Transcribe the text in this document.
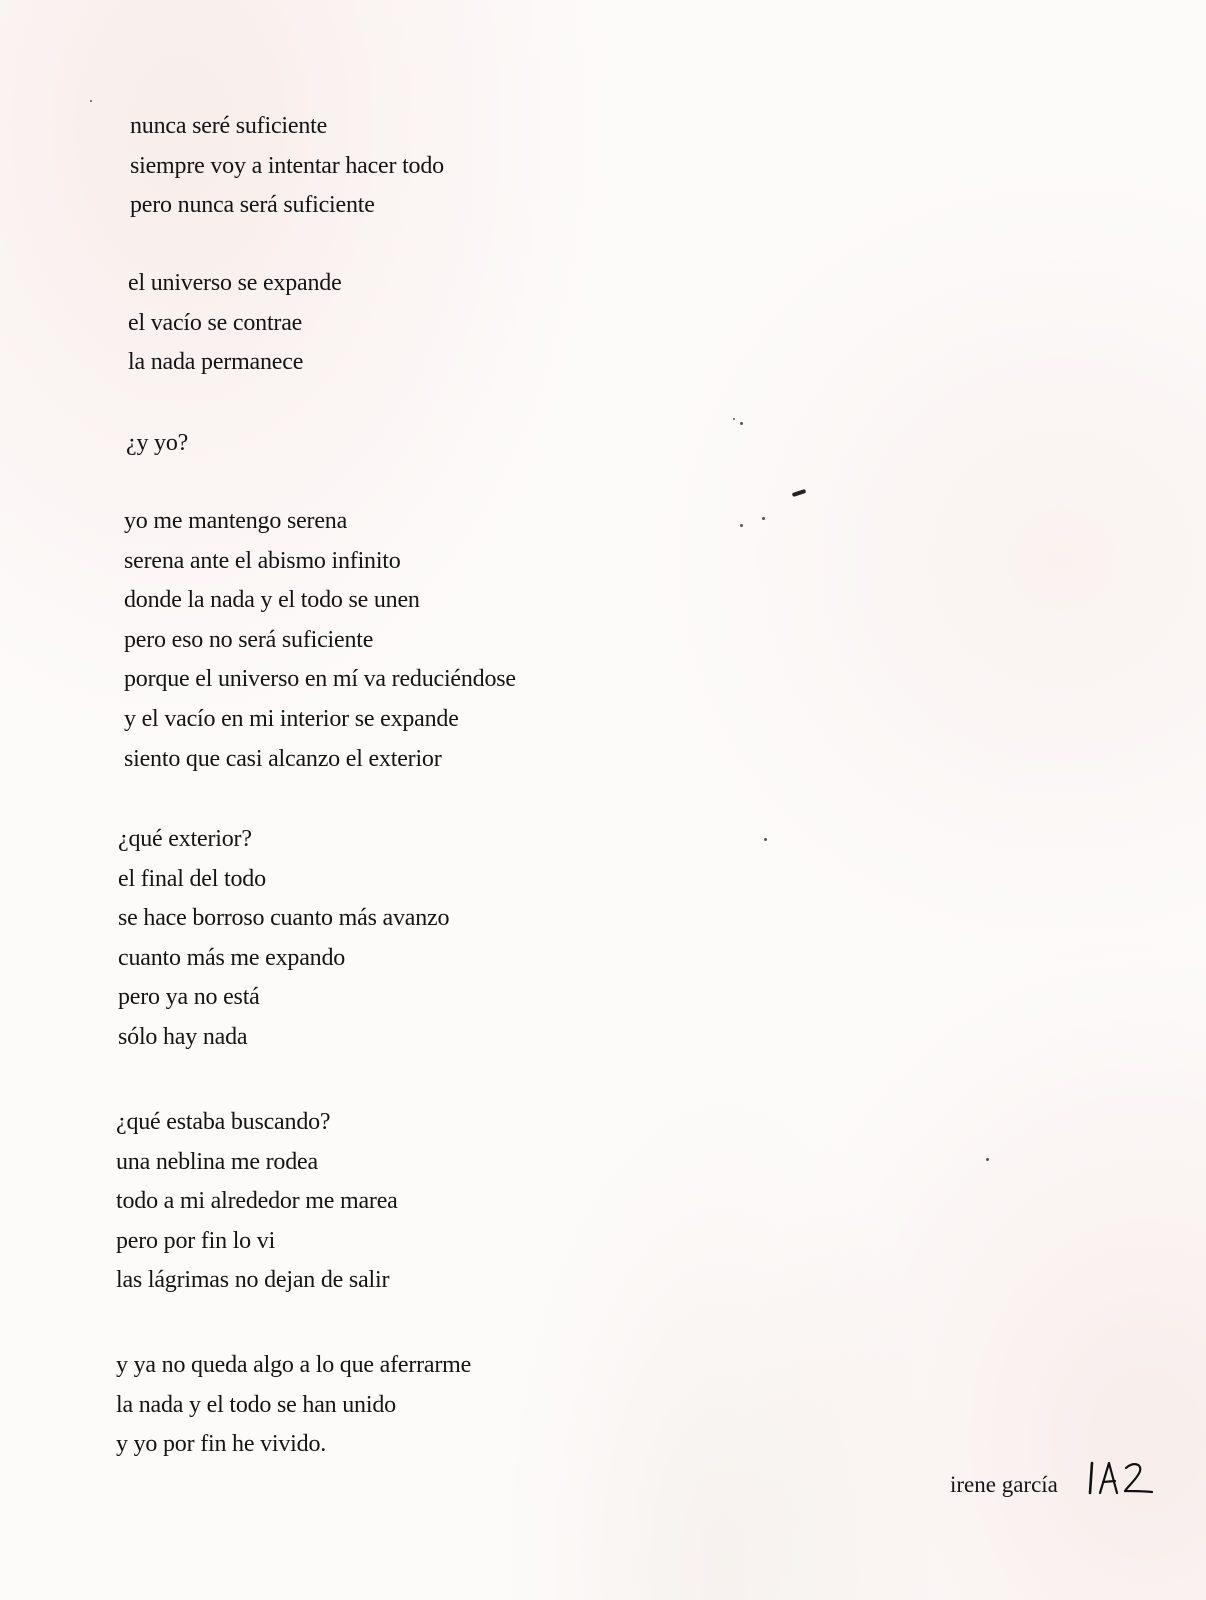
nunca seré suficiente
siempre voy a intentar hacer todo
pero nunca será suficiente
el universo se expande
el vacío se contrae
la nada permanece
¿y yo?
yo me mantengo serena
serena ante el abismo infinito
donde la nada y el todo se unen
pero eso no será suficiente
porque el universo en mí va reduciéndose
y el vacío en mi interior se expande
siento que casi alcanzo el exterior
¿qué exterior?
el final del todo
se hace borroso cuanto más avanzo
cuanto más me expando
pero ya no está
sólo hay nada
¿qué estaba buscando?
una neblina me rodea
todo a mi alrededor me marea
pero por fin lo vi
las lágrimas no dejan de salir
y ya no queda algo a lo que aferrarme
la nada y el todo se han unido
y yo por fin he vivido.
irene garcía
